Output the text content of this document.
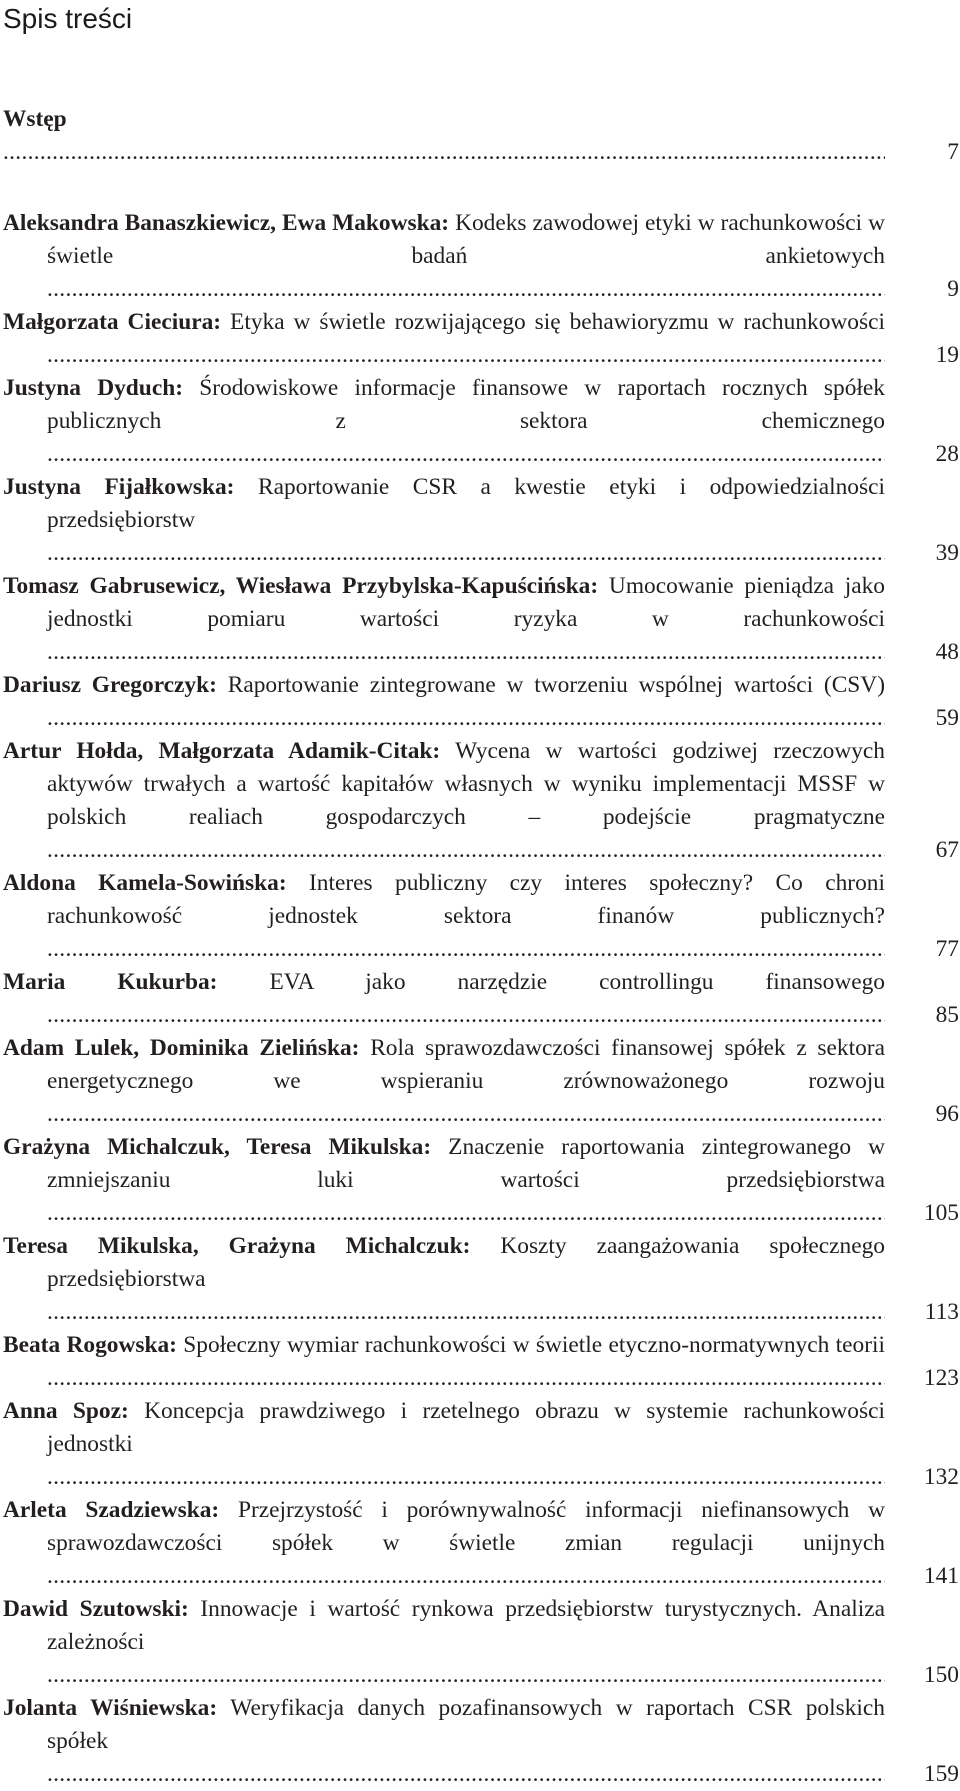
Spis treści
Wstęp .....
7
Aleksandra Banaszkiewicz, Ewa Makowska: Kodeks zawodowej etyki w rachunkowości w świetle badań ankietowych .....
9
Małgorzata Cieciura: Etyka w świetle rozwijającego się behawioryzmu w rachunkowości .....
19
Justyna Dyduch: Środowiskowe informacje finansowe w raportach rocznych spółek publicznych z sektora chemicznego .....
28
Justyna Fijałkowska: Raportowanie CSR a kwestie etyki i odpowiedzialności przedsiębiorstw .....
39
Tomasz Gabrusewicz, Wiesława Przybylska-Kapuścińska: Umocowanie pieniądza jako jednostki pomiaru wartości ryzyka w rachunkowości .....
48
Dariusz Gregorczyk: Raportowanie zintegrowane w tworzeniu wspólnej wartości (CSV) .....
59
Artur Hołda, Małgorzata Adamik-Citak: Wycena w wartości godziwej rzeczowych aktywów trwałych a wartość kapitałów własnych w wyniku implementacji MSSF w polskich realiach gospodarczych – podejście pragmatyczne .....
67
Aldona Kamela-Sowińska: Interes publiczny czy interes społeczny? Co chroni rachunkowość jednostek sektora finanów publicznych? .....
77
Maria Kukurba: EVA jako narzędzie controllingu finansowego .....
85
Adam Lulek, Dominika Zielińska: Rola sprawozdawczości finansowej spółek z sektora energetycznego we wspieraniu zrównoważonego rozwoju .....
96
Grażyna Michalczuk, Teresa Mikulska: Znaczenie raportowania zintegrowanego w zmniejszaniu luki wartości przedsiębiorstwa .....
105
Teresa Mikulska, Grażyna Michalczuk: Koszty zaangażowania społecznego przedsiębiorstwa .....
113
Beata Rogowska: Społeczny wymiar rachunkowości w świetle etyczno-normatywnych teorii .....
123
Anna Spoz: Koncepcja prawdziwego i rzetelnego obrazu w systemie rachunkowości jednostki .....
132
Arleta Szadziewska: Przejrzystość i porównywalność informacji niefinansowych w sprawozdawczości spółek w świetle zmian regulacji unijnych .....
141
Dawid Szutowski: Innowacje i wartość rynkowa przedsiębiorstw turystycznych. Analiza zależności .....
150
Jolanta Wiśniewska: Weryfikacja danych pozafinansowych w raportach CSR polskich spółek .....
159
